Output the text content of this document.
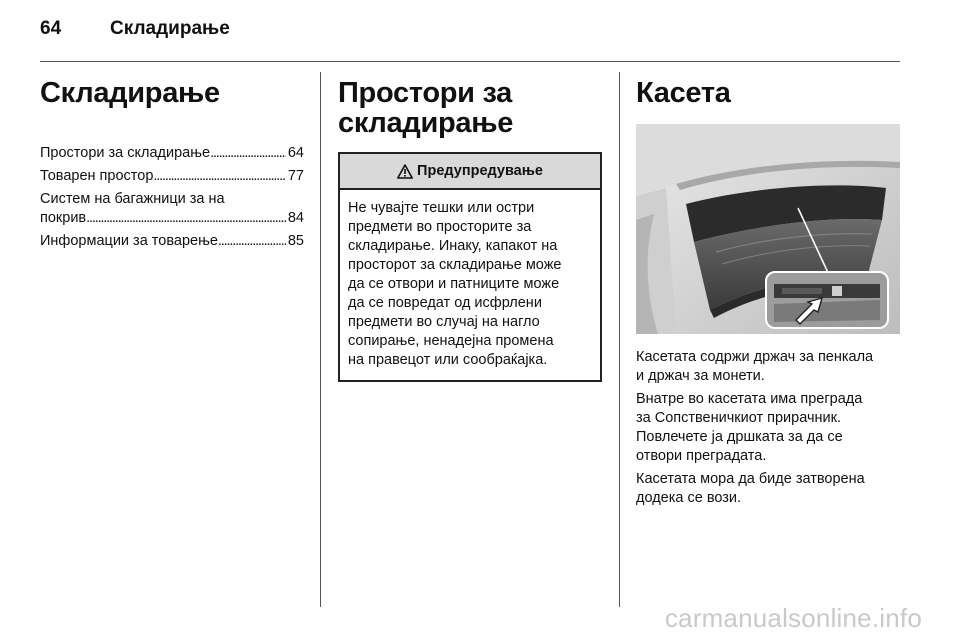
64	Складирање
Складирање
Простори за складирање . . .	64
Товарен простор . . .	77
Систем на багажници за на
покрив . . .	84
Информации за товарење . . .	85
Простори за
складирање
Предупредување
Не чувајте тешки или остри
предмети во просторите за
складирање. Инаку, капакот на
просторот за складирање може
да се отвори и патниците може
да се повредат од исфрлени
предмети во случај на нагло
сопирање, ненадејна промена
на правецот или сообраќајка.
Касета
Касетата содржи држач за пенкала
и држач за монети.
Внатре во касетата има преграда
за Сопственичкиот прирачник.
Повлечете ја дршката за да се
отвори преградата.
Касетата мора да биде затворена
додека се вози.
carmanualsonline.info
